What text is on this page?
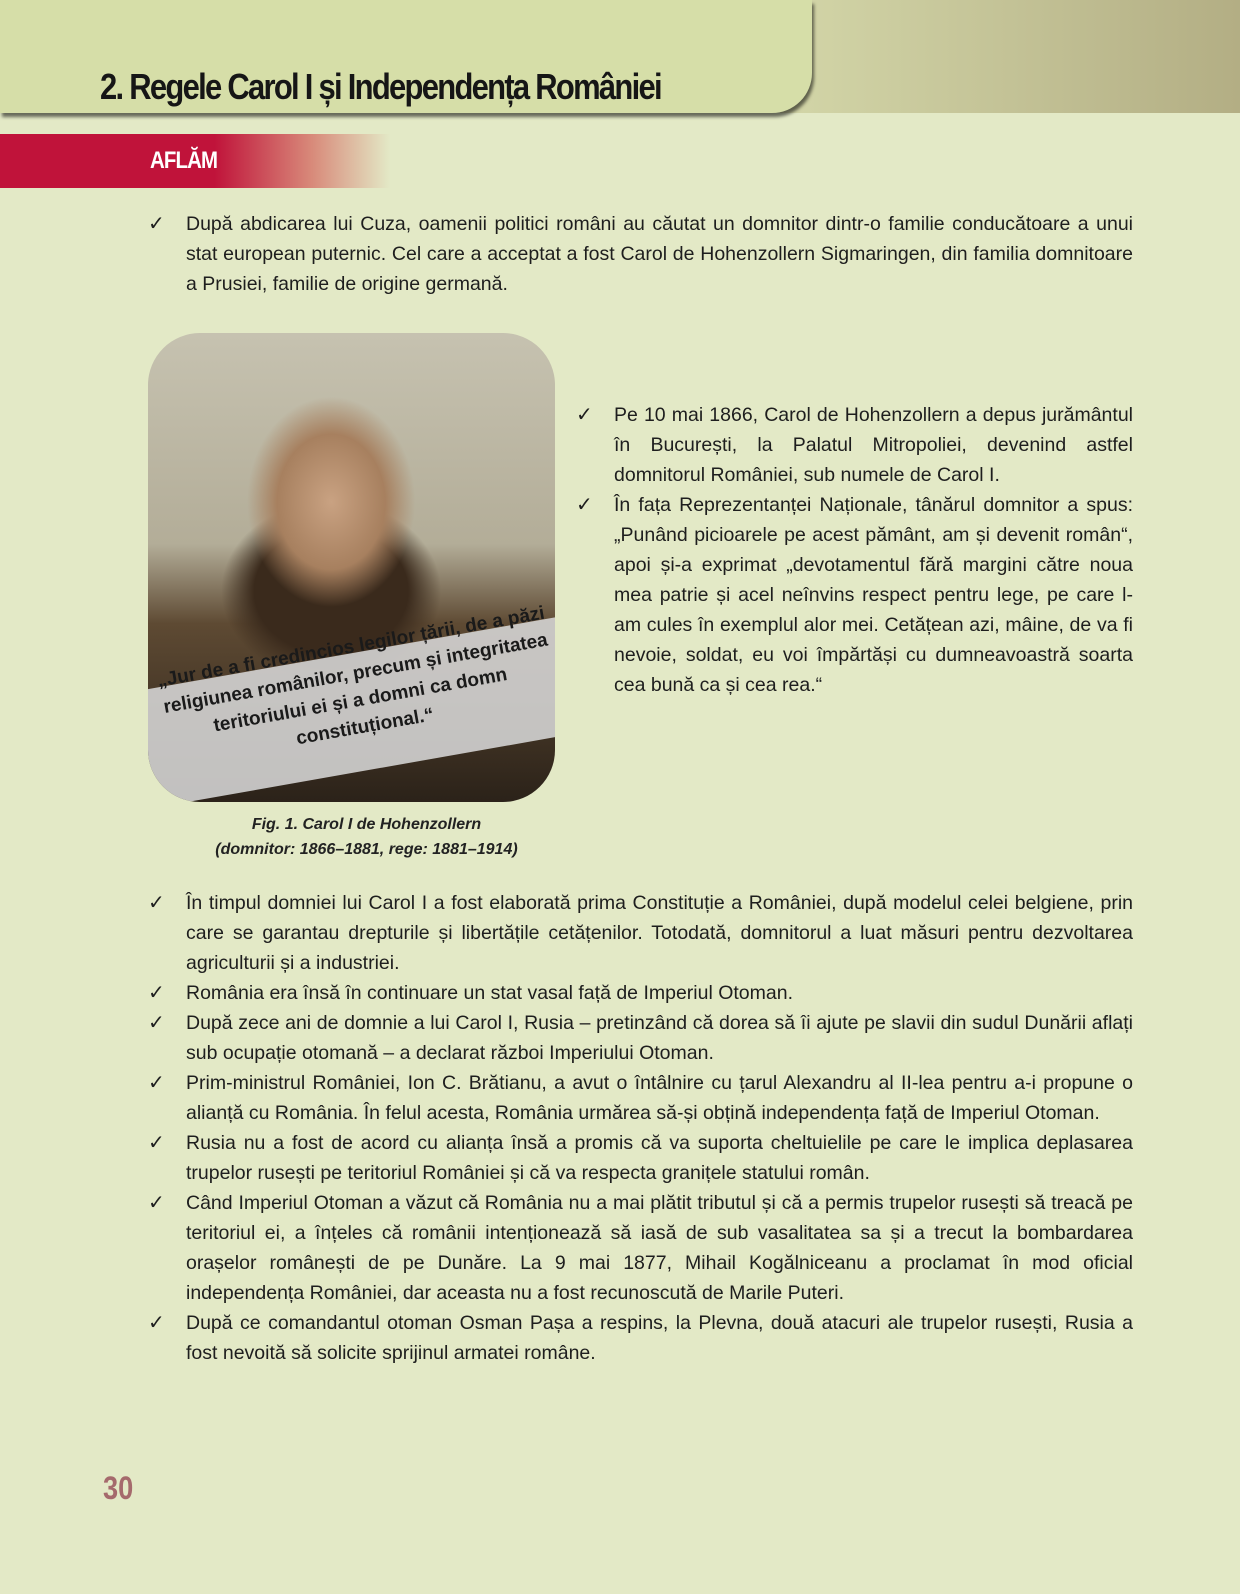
2. Regele Carol I și Independența României
AFLĂM
✓ După abdicarea lui Cuza, oamenii politici români au căutat un domnitor dintr-o familie conducătoare a unui stat european puternic. Cel care a acceptat a fost Carol de Hohenzollern Sigmaringen, din familia domnitoare a Prusiei, familie de origine germană.
„Jur de a fi credincios legilor țării, de a păzi religiunea românilor, precum și integritatea teritoriului ei și a domni ca domn constituțional.“
Fig. 1. Carol I de Hohenzollern
(domnitor: 1866–1881, rege: 1881–1914)
✓ Pe 10 mai 1866, Carol de Hohenzollern a depus jurământul în București, la Palatul Mitropoliei, devenind astfel domnitorul României, sub numele de Carol I.
✓ În fața Reprezentanței Naționale, tânărul domnitor a spus: „Punând picioarele pe acest pământ, am și devenit român“, apoi și-a exprimat „devotamentul fără margini către noua mea patrie și acel neînvins respect pentru lege, pe care l-am cules în exemplul alor mei. Cetățean azi, mâine, de va fi nevoie, soldat, eu voi împărtăși cu dumneavoastră soarta cea bună ca și cea rea.“
✓ În timpul domniei lui Carol I a fost elaborată prima Constituție a României, după modelul celei belgiene, prin care se garantau drepturile și libertățile cetățenilor. Totodată, domnitorul a luat măsuri pentru dezvoltarea agriculturii și a industriei.
✓ România era însă în continuare un stat vasal față de Imperiul Otoman.
✓ După zece ani de domnie a lui Carol I, Rusia – pretinzând că dorea să îi ajute pe slavii din sudul Dunării aflați sub ocupație otomană – a declarat război Imperiului Otoman.
✓ Prim-ministrul României, Ion C. Brătianu, a avut o întâlnire cu țarul Alexandru al II-lea pentru a-i propune o alianță cu România. În felul acesta, România urmărea să-și obțină independența față de Imperiul Otoman.
✓ Rusia nu a fost de acord cu alianța însă a promis că va suporta cheltuielile pe care le implica deplasarea trupelor rusești pe teritoriul României și că va respecta granițele statului român.
✓ Când Imperiul Otoman a văzut că România nu a mai plătit tributul și că a permis trupelor rusești să treacă pe teritoriul ei, a înțeles că românii intenționează să iasă de sub vasalitatea sa și a trecut la bombardarea orașelor românești de pe Dunăre. La 9 mai 1877, Mihail Kogălniceanu a proclamat în mod oficial independența României, dar aceasta nu a fost recunoscută de Marile Puteri.
✓ După ce comandantul otoman Osman Pașa a respins, la Plevna, două atacuri ale trupelor rusești, Rusia a fost nevoită să solicite sprijinul armatei române.
30
